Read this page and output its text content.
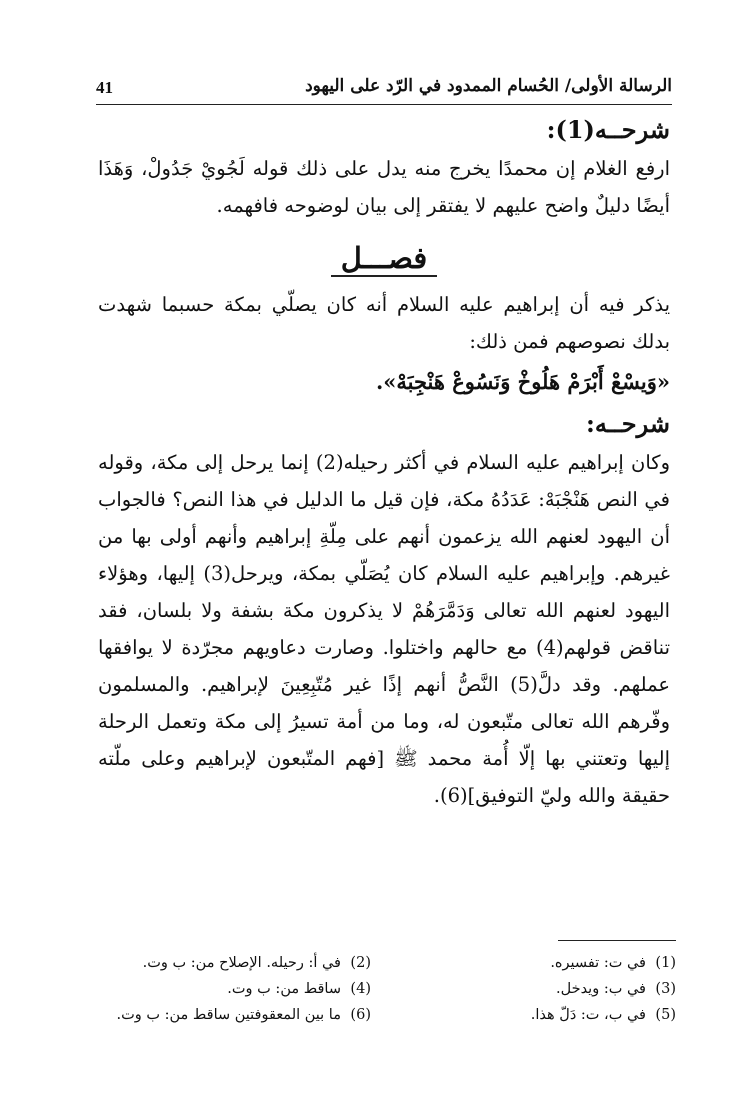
الرسالة الأولى/ الحُسام الممدود في الرّد على اليهود
41
شرحــه(1):

ارفع الغلام إن محمدًا يخرج منه يدل على ذلك قوله لَجُويْ جَدُولْ، وَهَذَا أيضًا دليلٌ واضح عليهم لا يفتقر إلى بيان لوضوحه فافهمه.

فصـــل

يذكر فيه أن إبراهيم عليه السلام أنه كان يصلّي بمكة حسبما شهدت بدلك نصوصهم فمن ذلك:

«وَيسْعْ أَبْرَمْ هَلُوخْ وَنَسُوعْ هَنْجِبَهْ».
شرحــه:

وكان إبراهيم عليه السلام في أكثر رحيله(2) إنما يرحل إلى مكة، وقوله في النص هَنْجْبَهْ: عَدَدُهُ مكة، فإن قيل ما الدليل في هذا النص؟ فالجواب أن اليهود لعنهم الله يزعمون أنهم على مِلّةِ إبراهيم وأنهم أولى بها من غيرهم. وإبراهيم عليه السلام كان يُصَلّي بمكة، ويرحل(3) إليها، وهؤلاء اليهود لعنهم الله تعالى وَدَمَّرَهُمْ لا يذكرون مكة بشفة ولا بلسان، فقد تناقض قولهم(4) مع حالهم واختلوا. وصارت دعاويهم مجرّدة لا يوافقها عملهم. وقد دلَّ(5) النَّصُّ أنهم إذًا غير مُتّبِعِينَ لإبراهيم. والمسلمون وفّرهم الله تعالى متّبعون له، وما من أمة تسيرُ إلى مكة وتعمل الرحلة إليها وتعتني بها إلّا أُمة محمد ﷺ [فهم المتّبعون لإبراهيم وعلى ملّته حقيقة والله وليّ التوفيق](6).

(1)في ت: تفسيره.
(2)في أ: رحيله. الإصلاح من: ب وت.
(3)في ب: ويدخل.
(4)ساقط من: ب وت.
(5)في ب، ت: دَلّ هذا.
(6)ما بين المعقوفتين ساقط من: ب وت.
